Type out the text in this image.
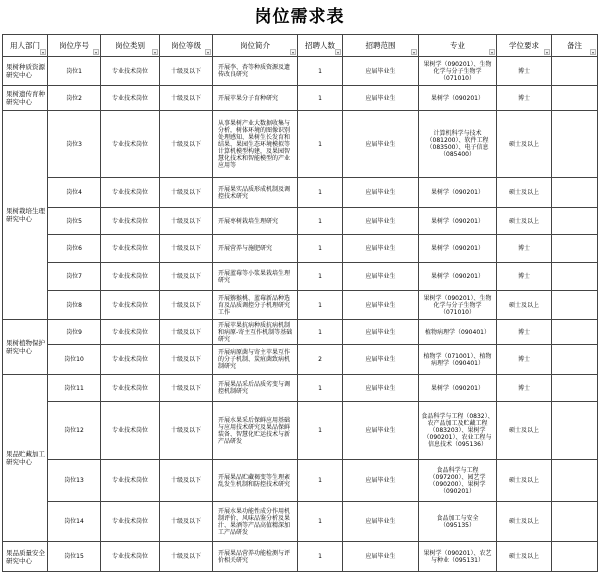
岗位需求表
用人部门	岗位序号	岗位类别	岗位等级	岗位简介	招聘人数	招聘范围	专业	学位要求	备注

果树种质资源研究中心	岗位1	专业技术岗位	十级及以下	开展李、杏等种质资源及遗传改良研究	1	应届毕业生	果树学（090201）、生物化学与分子生物学（071010）	博士	
果树遗传育种研究中心	岗位2	专业技术岗位	十级及以下	开展苹果分子育种研究	1	应届毕业生	果树学（090201）	博士	
果树栽培生理研究中心	岗位3	专业技术岗位	十级及以下	从事果树产业大数据收集与分析，树体环境的图像识别处理感知、果树生长发育和结果、果园生态环境模拟等计算机模型构建，及果园智慧化技术和智能模型的产业应用等	1	应届毕业生	计算机科学与技术（081200）、软件工程（083500）、电子信息（085400）	硕士及以上	
	岗位4	专业技术岗位	十级及以下	开展果实品质形成机制及调控技术研究	1	应届毕业生	果树学（090201）	硕士及以上	
	岗位5	专业技术岗位	十级及以下	开展枣树栽培生理研究	1	应届毕业生	果树学（090201）	硕士及以上	
	岗位6	专业技术岗位	十级及以下	开展营养与施肥研究	1	应届毕业生	果树学（090201）	博士	
	岗位7	专业技术岗位	十级及以下	开展蓝莓等小浆果栽培生理研究	1	应届毕业生	果树学（090201）	博士	
	岗位8	专业技术岗位	十级及以下	开展猕猴桃、蓝莓新品种选育及品质调控分子机理研究工作	1	应届毕业生	果树学（090201）、生物化学与分子生物学（071010）	硕士及以上	
果树植物保护研究中心	岗位9	专业技术岗位	十级及以下	开展苹果抗病种质抗病机制和病原-寄主互作机制等基础研究	1	应届毕业生	植物病理学（090401）	博士	
	岗位10	专业技术岗位	十级及以下	开展病原菌与寄主苹果互作的分子机制、炭疽菌致病机制研究	2	应届毕业生	植物学（071001）、植物病理学（090401）	博士	
果品贮藏加工研究中心	岗位11	专业技术岗位	十级及以下	开展果品采后品质劣变与调控机制研究	1	应届毕业生	果树学（090201）	博士	
	岗位12	专业技术岗位	十级及以下	开展水果采后保鲜应用基础与应用技术研究及果品保鲜装备、智慧化贮运技术与新产品研发	1	应届毕业生	食品科学与工程（0832）、农产品加工及贮藏工程（083203）、果树学（090201）、农业工程与信息技术（095136）	硕士及以上	
	岗位13	专业技术岗位	十级及以下	开展果品贮藏褐变等生理紊乱发生机制和防控技术研究	1	应届毕业生	食品科学与工程（097200）、园艺学（090200）、果树学（090201）	硕士及以上	
	岗位14	专业技术岗位	十级及以下	开展水果功能性成分作用机制评价、风味品鉴分析及果汁、果酒等产品高值精深加工产品研发	1	应届毕业生	食品加工与安全（095135）	硕士及以上	
果品质量安全研究中心	岗位15	专业技术岗位	十级及以下	开展果品营养功能检测与评价相关研究	1	应届毕业生	果树学（090201）、农艺与种业（095131）	硕士及以上	
